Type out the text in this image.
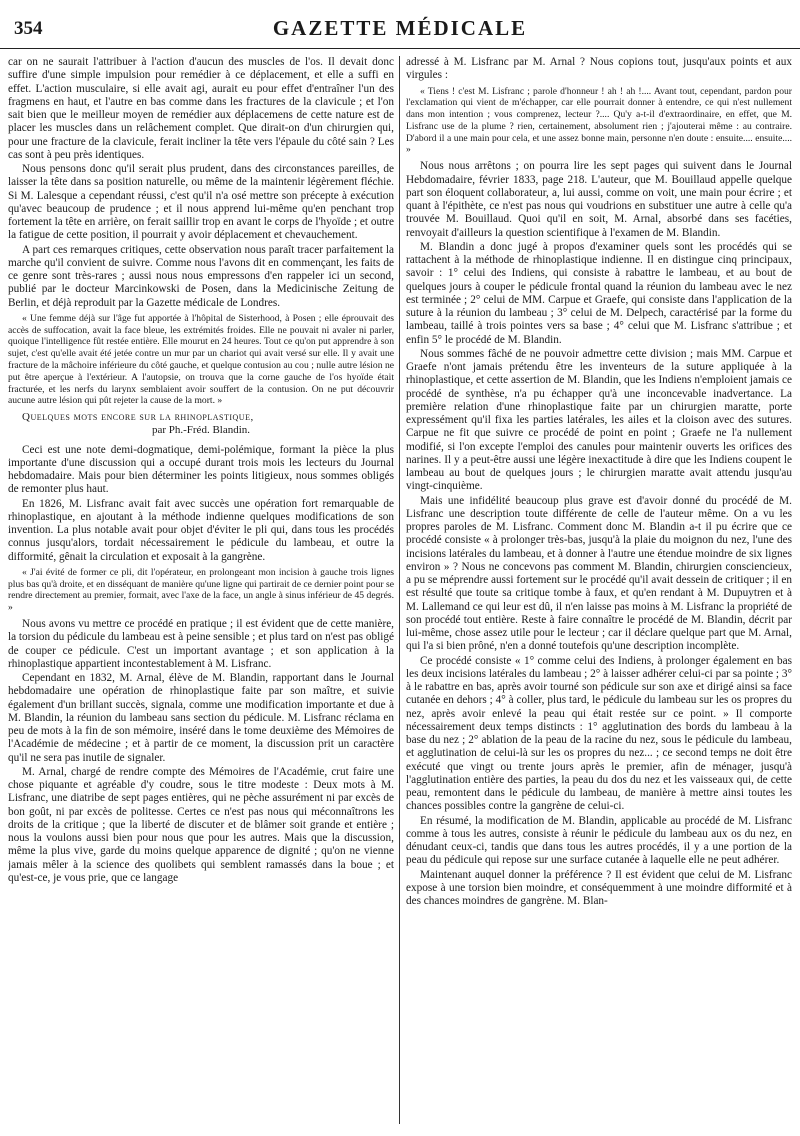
354	GAZETTE MÉDICALE

car on ne saurait l'attribuer à l'action d'aucun des muscles de l'os. Il devait donc suffire d'une simple impulsion pour remédier à ce déplacement, et elle a suffi en effet. L'action musculaire, si elle avait agi, aurait eu pour effet d'entraîner l'un des fragmens en haut, et l'autre en bas comme dans les fractures de la clavicule ; et l'on sait bien que le meilleur moyen de remédier aux déplacemens de cette nature est de placer les muscles dans un relâchement complet. Que dirait-on d'un chirurgien qui, pour une fracture de la clavicule, ferait incliner la tête vers l'épaule du côté sain ? Les cas sont à peu près identiques.

Nous pensons donc qu'il serait plus prudent, dans des circonstances pareilles, de laisser la tête dans sa position naturelle, ou même de la maintenir légèrement fléchie. Si M. Lalesque a cependant réussi, c'est qu'il n'a osé mettre son précepte à exécution qu'avec beaucoup de prudence ; et il nous apprend lui-même qu'en penchant trop fortement la tête en arrière, on ferait saillir trop en avant le corps de l'hyoïde ; et outre la fatigue de cette position, il pourrait y avoir déplacement et chevauchement.

A part ces remarques critiques, cette observation nous paraît tracer parfaitement la marche qu'il convient de suivre. Comme nous l'avons dit en commençant, les faits de ce genre sont très-rares ; aussi nous nous empressons d'en rappeler ici un second, publié par le docteur Marcinkowski de Posen, dans la Medicinische Zeitung de Berlin, et déjà reproduit par la Gazette médicale de Londres.

« Une femme déjà sur l'âge fut apportée à l'hôpital de Sisterhood, à Posen ; elle éprouvait des accès de suffocation, avait la face bleue, les extrémités froides. Elle ne pouvait ni avaler ni parler, quoique l'intelligence fût restée entière. Elle mourut en 24 heures. Tout ce qu'on put apprendre à son sujet, c'est qu'elle avait été jetée contre un mur par un chariot qui avait versé sur elle. Il y avait une fracture de la mâchoire inférieure du côté gauche, et quelque contusion au cou ; nulle autre lésion ne put être aperçue à l'extérieur. A l'autopsie, on trouva que la corne gauche de l'os hyoïde était fracturée, et les nerfs du larynx semblaient avoir souffert de la contusion. On ne put découvrir aucune autre lésion qui pût rejeter la cause de la mort. »

Quelques mots encore sur la rhinoplastique,
par Ph.-Fréd. Blandin.

Ceci est une note demi-dogmatique, demi-polémique, formant la pièce la plus importante d'une discussion qui a occupé durant trois mois les lecteurs du Journal hebdomadaire. Mais pour bien déterminer les points litigieux, nous sommes obligés de remonter plus haut.

En 1826, M. Lisfranc avait fait avec succès une opération fort remarquable de rhinoplastique, en ajoutant à la méthode indienne quelques modifications de son invention. La plus notable avait pour objet d'éviter le pli qui, dans tous les procédés connus jusqu'alors, tordait nécessairement le pédicule du lambeau, et outre la difformité, gênait la circulation et exposait à la gangrène.

« J'ai évité de former ce pli, dit l'opérateur, en prolongeant mon incision à gauche trois lignes plus bas qu'à droite, et en disséquant de manière qu'une ligne qui partirait de ce dernier point pour se rendre directement au premier, formait, avec l'axe de la face, un angle à sinus inférieur de 45 degrés. »

Nous avons vu mettre ce procédé en pratique ; il est évident que de cette manière, la torsion du pédicule du lambeau est à peine sensible ; et plus tard on n'est pas obligé de couper ce pédicule. C'est un important avantage ; et son application à la rhinoplastique appartient incontestablement à M. Lisfranc.

Cependant en 1832, M. Arnal, élève de M. Blandin, rapportant dans le Journal hebdomadaire une opération de rhinoplastique faite par son maître, et suivie également d'un brillant succès, signala, comme une modification importante et due à M. Blandin, la réunion du lambeau sans section du pédicule. M. Lisfranc réclama en peu de mots à la fin de son mémoire, inséré dans le tome deuxième des Mémoires de l'Académie de médecine ; et à partir de ce moment, la discussion prit un caractère qu'il ne sera pas inutile de signaler.

M. Arnal, chargé de rendre compte des Mémoires de l'Académie, crut faire une chose piquante et agréable d'y coudre, sous le titre modeste : Deux mots à M. Lisfranc, une diatribe de sept pages entières, qui ne pèche assurément ni par excès de bon goût, ni par excès de politesse. Certes ce n'est pas nous qui méconnaîtrons les droits de la critique ; que la liberté de discuter et de blâmer soit grande et entière ; nous la voulons aussi bien pour nous que pour les autres. Mais que la discussion, même la plus vive, garde du moins quelque apparence de dignité ; qu'on ne vienne jamais mêler à la science des quolibets qui semblent ramassés dans la boue ; et qu'est-ce, je vous prie, que ce langage

adressé à M. Lisfranc par M. Arnal ? Nous copions tout, jusqu'aux points et aux virgules :

« Tiens ! c'est M. Lisfranc ; parole d'honneur ! ah ! ah !.... Avant tout, cependant, pardon pour l'exclamation qui vient de m'échapper, car elle pourrait donner à entendre, ce qui n'est nullement dans mon intention ; vous comprenez, lecteur ?.... Qu'y a-t-il d'extraordinaire, en effet, que M. Lisfranc use de la plume ? rien, certainement, absolument rien ; j'ajouterai même : au contraire. D'abord il a une main pour cela, et une assez bonne main, personne n'en doute : ensuite.... ensuite.... »

Nous nous arrêtons ; on pourra lire les sept pages qui suivent dans le Journal Hebdomadaire, février 1833, page 218. L'auteur, que M. Bouillaud appelle quelque part son éloquent collaborateur, a, lui aussi, comme on voit, une main pour écrire ; et quant à l'épithète, ce n'est pas nous qui voudrions en substituer une autre à celle qu'a trouvée M. Bouillaud. Quoi qu'il en soit, M. Arnal, absorbé dans ses facéties, renvoyait d'ailleurs la question scientifique à l'examen de M. Blandin.

M. Blandin a donc jugé à propos d'examiner quels sont les procédés qui se rattachent à la méthode de rhinoplastique indienne. Il en distingue cinq principaux, savoir : 1° celui des Indiens, qui consiste à rabattre le lambeau, et au bout de quelques jours à couper le pédicule frontal quand la réunion du lambeau avec le nez est terminée ; 2° celui de MM. Carpue et Graefe, qui consiste dans l'application de la suture à la réunion du lambeau ; 3° celui de M. Delpech, caractérisé par la forme du lambeau, taillé à trois pointes vers sa base ; 4° celui que M. Lisfranc s'attribue ; et enfin 5° le procédé de M. Blandin.

Nous sommes fâché de ne pouvoir admettre cette division ; mais MM. Carpue et Graefe n'ont jamais prétendu être les inventeurs de la suture appliquée à la rhinoplastique, et cette assertion de M. Blandin, que les Indiens n'emploient jamais ce procédé de synthèse, n'a pu échapper qu'à une inconcevable inadvertance. La première relation d'une rhinoplastique faite par un chirurgien maratte, porte expressément qu'il fixa les parties latérales, les ailes et la cloison avec des sutures. Carpue ne fit que suivre ce procédé de point en point ; Graefe ne l'a nullement modifié, si l'on excepte l'emploi des canules pour maintenir ouverts les orifices des narines. Il y a peut-être aussi une légère inexactitude à dire que les Indiens coupent le lambeau au bout de quelques jours ; le chirurgien maratte avait attendu jusqu'au vingt-cinquième.

Mais une infidélité beaucoup plus grave est d'avoir donné du procédé de M. Lisfranc une description toute différente de celle de l'auteur même. On a vu les propres paroles de M. Lisfranc. Comment donc M. Blandin a-t il pu écrire que ce procédé consiste « à prolonger très-bas, jusqu'à la plaie du moignon du nez, l'une des incisions latérales du lambeau, et à donner à l'autre une étendue moindre de six lignes environ » ? Nous ne concevons pas comment M. Blandin, chirurgien consciencieux, a pu se méprendre aussi fortement sur le procédé qu'il avait dessein de critiquer ; il en est résulté que toute sa critique tombe à faux, et qu'en rendant à M. Dupuytren et à M. Lallemand ce qui leur est dû, il n'en laisse pas moins à M. Lisfranc la propriété de son procédé tout entière. Reste à faire connaître le procédé de M. Blandin, décrit par lui-même, chose assez utile pour le lecteur ; car il déclare quelque part que M. Arnal, qui l'a si bien prôné, n'en a donné toutefois qu'une description incomplète.

Ce procédé consiste « 1° comme celui des Indiens, à prolonger également en bas les deux incisions latérales du lambeau ; 2° à laisser adhérer celui-ci par sa pointe ; 3° à le rabattre en bas, après avoir tourné son pédicule sur son axe et dirigé ainsi sa face cutanée en dehors ; 4° à coller, plus tard, le pédicule du lambeau sur les os propres du nez, après avoir enlevé la peau qui était restée sur ce point. » Il comporte nécessairement deux temps distincts : 1° agglutination des bords du lambeau à la base du nez ; 2° ablation de la peau de la racine du nez, sous le pédicule du lambeau, et agglutination de celui-là sur les os propres du nez... ; ce second temps ne doit être exécuté que vingt ou trente jours après le premier, afin de ménager, jusqu'à l'agglutination entière des parties, la peau du dos du nez et les vaisseaux qui, de cette peau, remontent dans le pédicule du lambeau, de manière à mettre ainsi toutes les chances possibles contre la gangrène de celui-ci.

En résumé, la modification de M. Blandin, applicable au procédé de M. Lisfranc comme à tous les autres, consiste à réunir le pédicule du lambeau aux os du nez, en dénudant ceux-ci, tandis que dans tous les autres procédés, il y a une portion de la peau du pédicule qui repose sur une surface cutanée à laquelle elle ne peut adhérer.

Maintenant auquel donner la préférence ? Il est évident que celui de M. Lisfranc expose à une torsion bien moindre, et conséquemment à une moindre difformité et à des chances moindres de gangrène. M. Blan-
